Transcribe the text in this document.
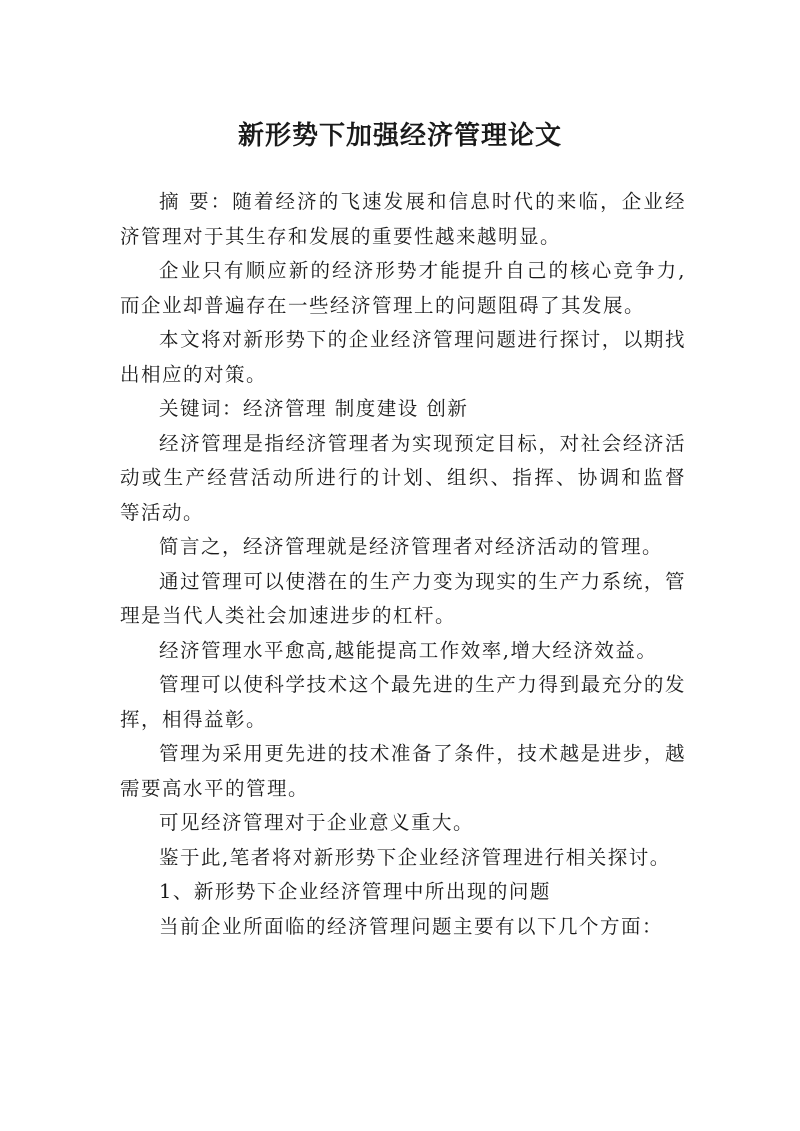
新形势下加强经济管理论文

摘 要：随着经济的飞速发展和信息时代的来临，企业经济管理对于其生存和发展的重要性越来越明显。

企业只有顺应新的经济形势才能提升自己的核心竞争力,而企业却普遍存在一些经济管理上的问题阻碍了其发展。

本文将对新形势下的企业经济管理问题进行探讨，以期找出相应的对策。

关键词：经济管理 制度建设 创新

经济管理是指经济管理者为实现预定目标，对社会经济活动或生产经营活动所进行的计划、组织、指挥、协调和监督等活动。

简言之，经济管理就是经济管理者对经济活动的管理。

通过管理可以使潜在的生产力变为现实的生产力系统，管理是当代人类社会加速进步的杠杆。

经济管理水平愈高,越能提高工作效率,增大经济效益。

管理可以使科学技术这个最先进的生产力得到最充分的发挥，相得益彰。

管理为采用更先进的技术准备了条件，技术越是进步，越需要高水平的管理。

可见经济管理对于企业意义重大。

鉴于此,笔者将对新形势下企业经济管理进行相关探讨。

1、新形势下企业经济管理中所出现的问题

当前企业所面临的经济管理问题主要有以下几个方面：
